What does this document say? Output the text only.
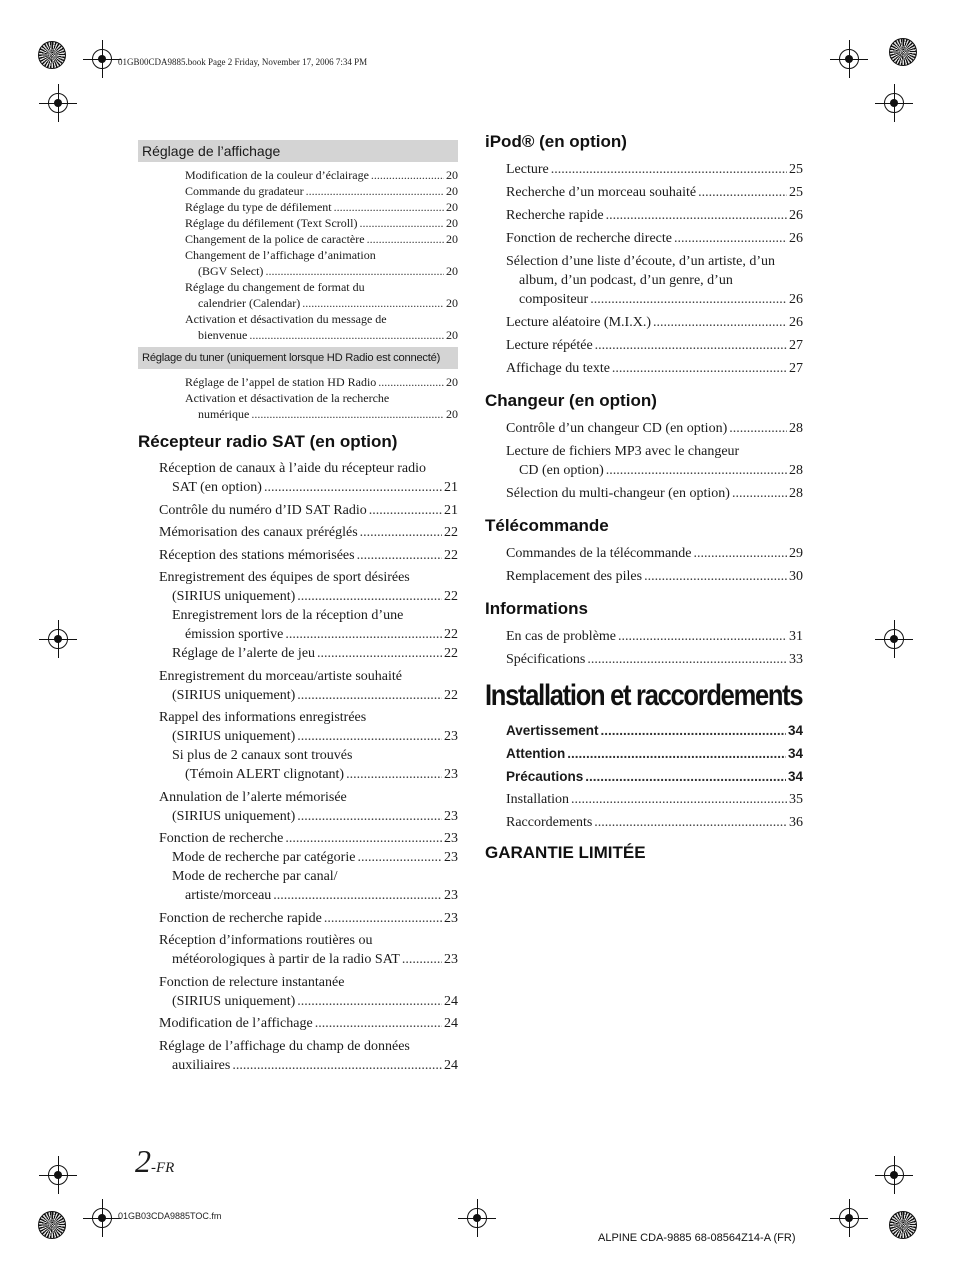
01GB00CDA9885.book Page 2 Friday, November 17, 2006 7:34 PM
Réglage de l’affichage
Modification de la couleur d’éclairage .....	20
Commande du gradateur .....	20
Réglage du type de défilement .....	20
Réglage du défilement (Text Scroll) .....	20
Changement de la police de caractère .....	20
Changement de l’affichage d’animation
(BGV Select) .....	20
Réglage du changement de format du
calendrier (Calendar) .....	20
Activation et désactivation du message de
bienvenue .....	20
Réglage du tuner (uniquement lorsque HD Radio est connecté)
Réglage de l’appel de station HD Radio .....	20
Activation et désactivation de la recherche
numérique .....	20
Récepteur radio SAT (en option)
Réception de canaux à l’aide du récepteur radio
SAT (en option) .....	21
Contrôle du numéro d’ID SAT Radio .....	21
Mémorisation des canaux préréglés .....	22
Réception des stations mémorisées .....	22
Enregistrement des équipes de sport désirées
(SIRIUS uniquement) .....	22
Enregistrement lors de la réception d’une
émission sportive .....	22
Réglage de l’alerte de jeu .....	22
Enregistrement du morceau/artiste souhaité
(SIRIUS uniquement) .....	22
Rappel des informations enregistrées
(SIRIUS uniquement) .....	23
Si plus de 2 canaux sont trouvés
(Témoin ALERT clignotant) .....	23
Annulation de l’alerte mémorisée
(SIRIUS uniquement) .....	23
Fonction de recherche .....	23
Mode de recherche par catégorie .....	23
Mode de recherche par canal/
artiste/morceau .....	23
Fonction de recherche rapide .....	23
Réception d’informations routières ou
météorologiques à partir de la radio SAT .....	23
Fonction de relecture instantanée
(SIRIUS uniquement) .....	24
Modification de l’affichage .....	24
Réglage de l’affichage du champ de données
auxiliaires .....	24
iPod® (en option)
Lecture .....	25
Recherche d’un morceau souhaité .....	25
Recherche rapide .....	26
Fonction de recherche directe .....	26
Sélection d’une liste d’écoute, d’un artiste, d’un
album, d’un podcast, d’un genre, d’un
compositeur .....	26
Lecture aléatoire (M.I.X.) .....	26
Lecture répétée .....	27
Affichage du texte .....	27
Changeur (en option)
Contrôle d’un changeur CD (en option) .....	28
Lecture de fichiers MP3 avec le changeur
CD (en option) .....	28
Sélection du multi-changeur (en option) .....	28
Télécommande
Commandes de la télécommande .....	29
Remplacement des piles .....	30
Informations
En cas de problème .....	31
Spécifications .....	33
Installation et raccordements
Avertissement .....	34
Attention .....	34
Précautions .....	34
Installation .....	35
Raccordements .....	36
GARANTIE LIMITÉE
2-FR
01GB03CDA9885TOC.fm
ALPINE CDA-9885 68-08564Z14-A (FR)
